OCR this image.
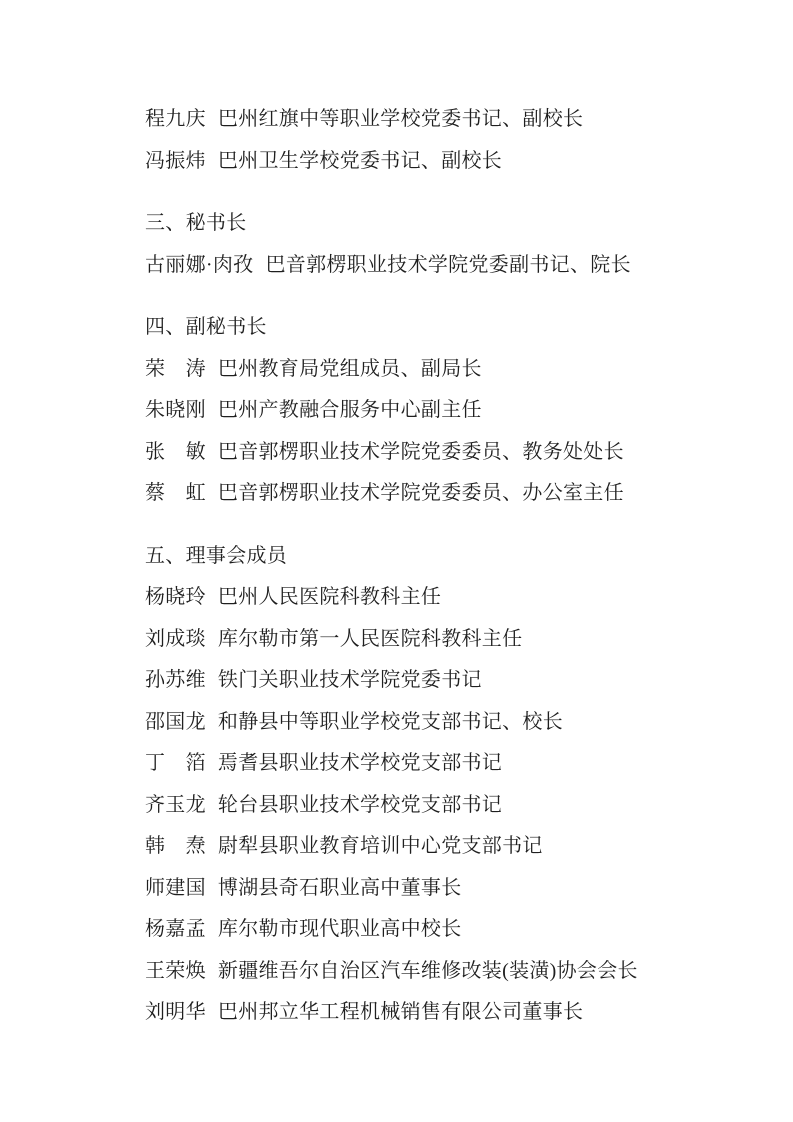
程九庆 巴州红旗中等职业学校党委书记、副校长

冯振炜 巴州卫生学校党委书记、副校长

三、秘书长

古丽娜·肉孜 巴音郭楞职业技术学院党委副书记、院长

四、副秘书长

荣　涛 巴州教育局党组成员、副局长

朱晓刚 巴州产教融合服务中心副主任

张　敏 巴音郭楞职业技术学院党委委员、教务处处长

蔡　虹 巴音郭楞职业技术学院党委委员、办公室主任

五、理事会成员

杨晓玲 巴州人民医院科教科主任

刘成琰 库尔勒市第一人民医院科教科主任

孙苏维 铁门关职业技术学院党委书记

邵国龙 和静县中等职业学校党支部书记、校长

丁　箔 焉耆县职业技术学校党支部书记

齐玉龙 轮台县职业技术学校党支部书记

韩　焘 尉犁县职业教育培训中心党支部书记

师建国 博湖县奇石职业高中董事长

杨嘉孟 库尔勒市现代职业高中校长

王荣焕 新疆维吾尔自治区汽车维修改装(装潢)协会会长

刘明华 巴州邦立华工程机械销售有限公司董事长
